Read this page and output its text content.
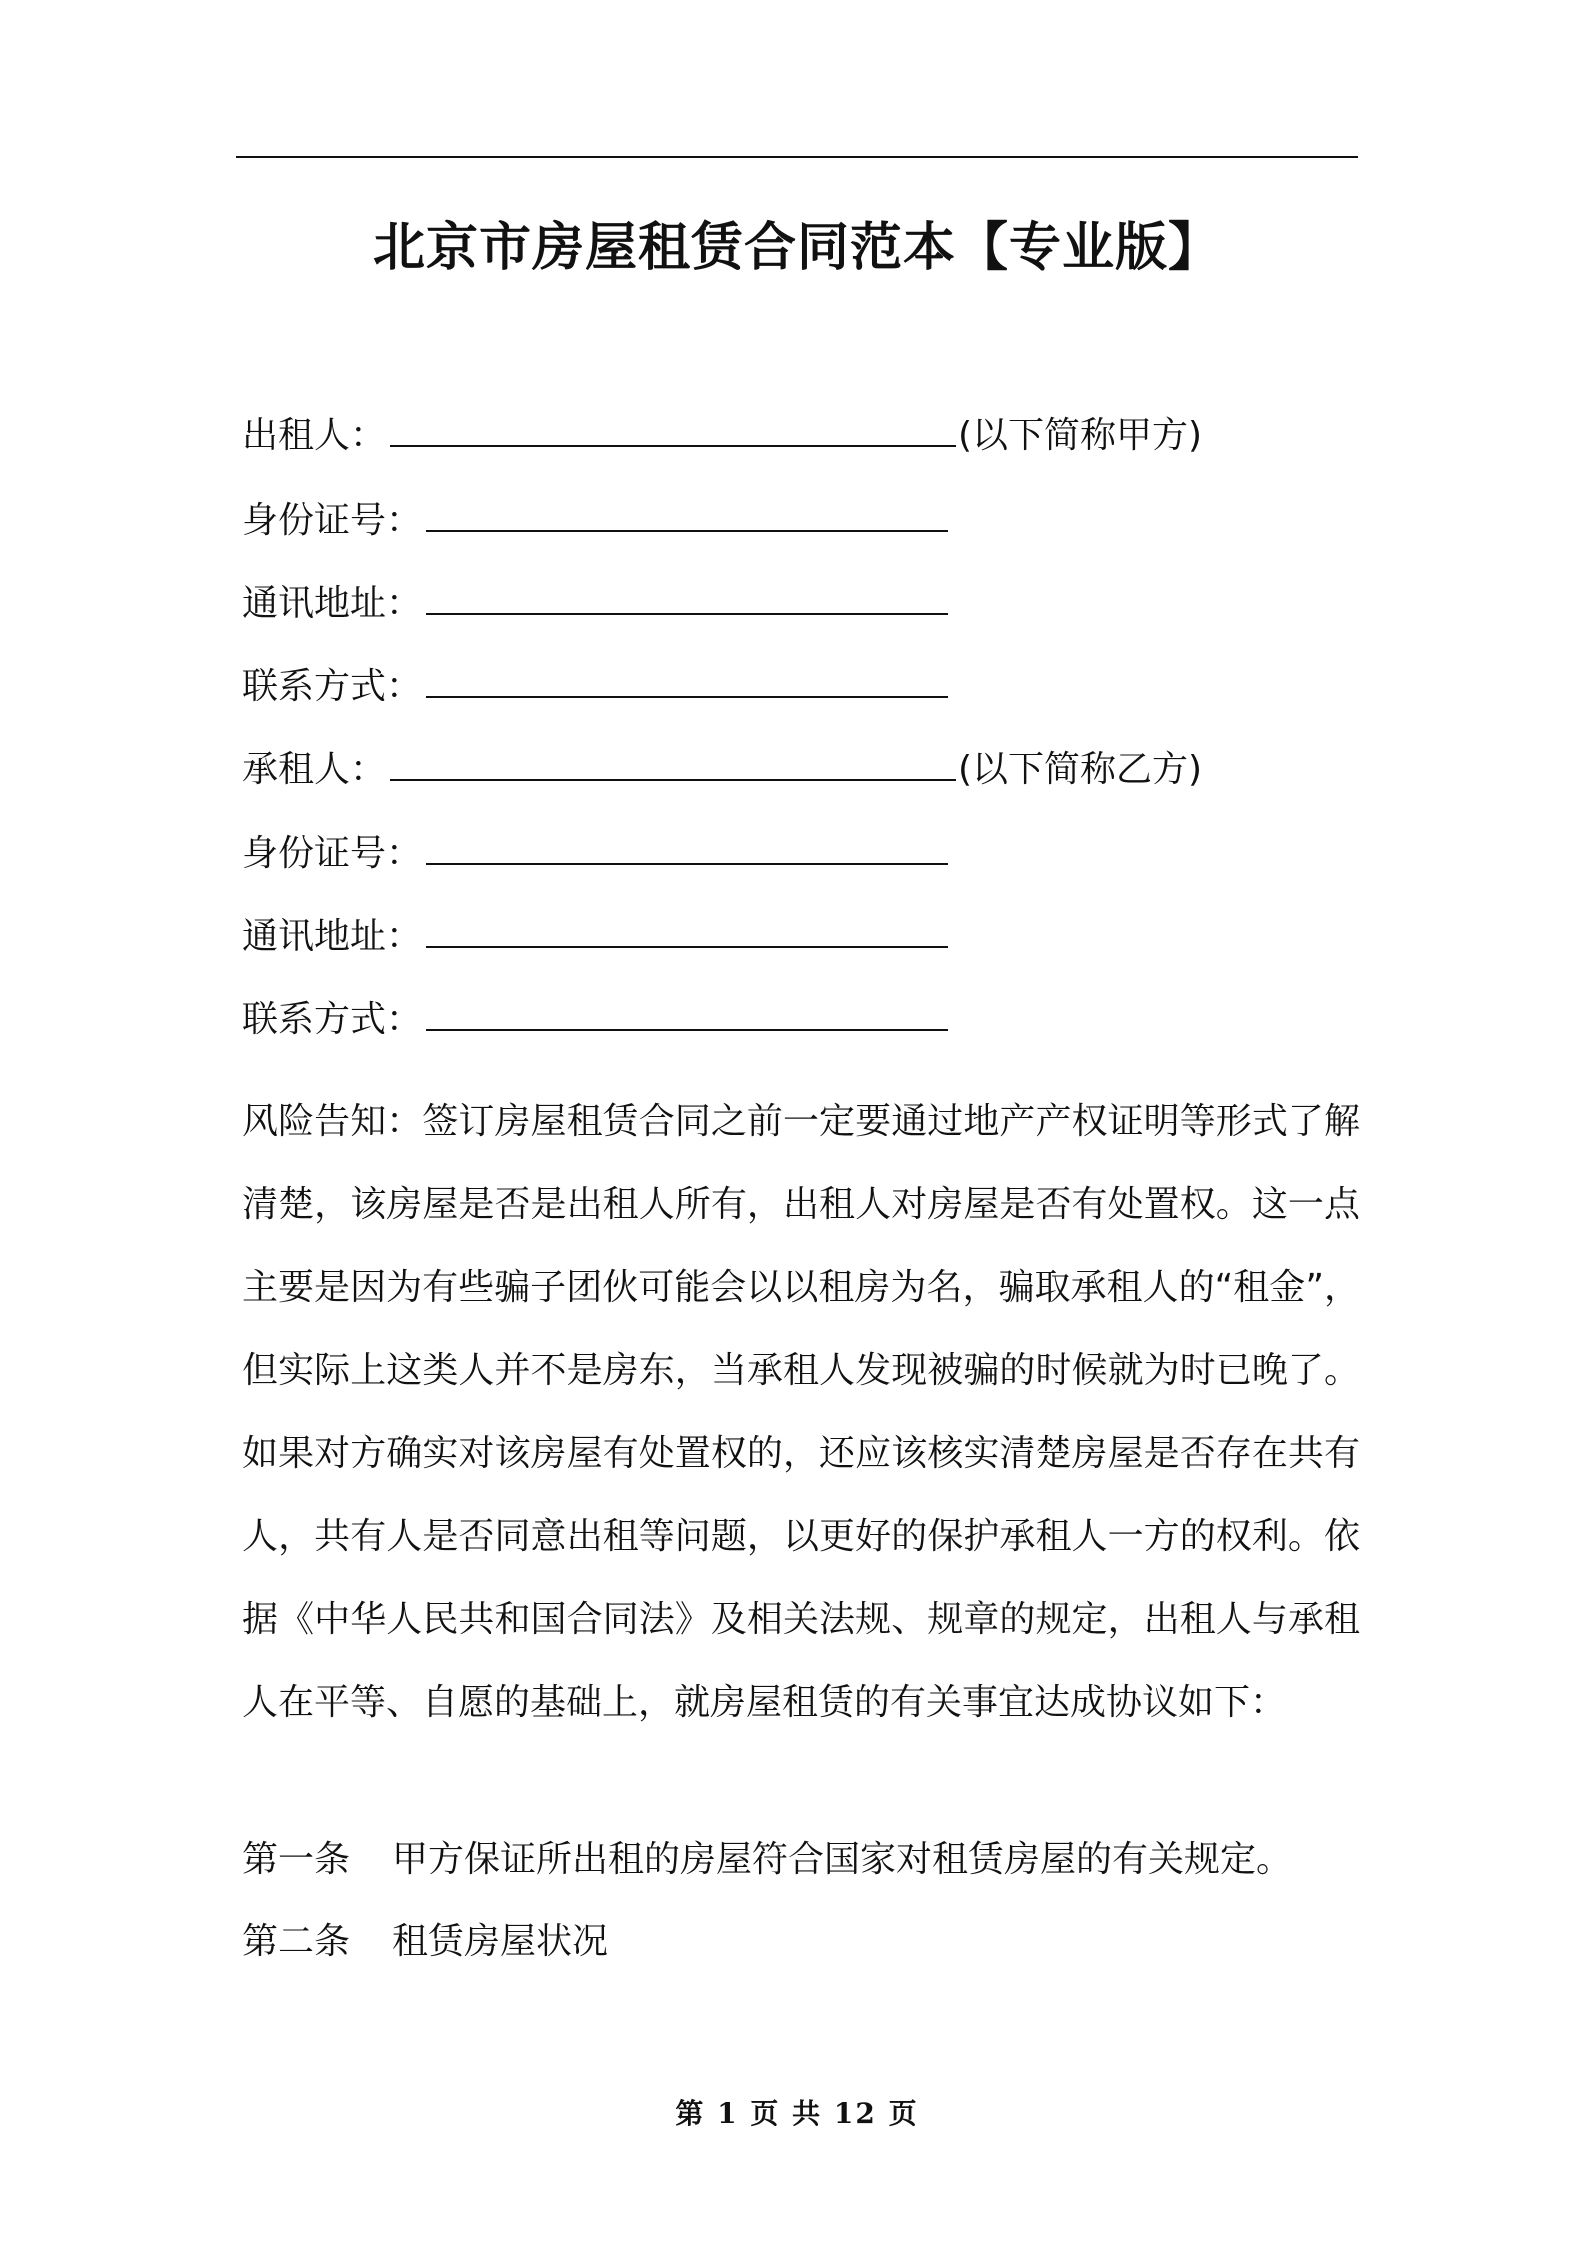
北京市房屋租赁合同范本【专业版】
出租人：	(以下简称甲方)
身份证号：
通讯地址：
联系方式：
承租人：	(以下简称乙方)
身份证号：
通讯地址：
联系方式：
风险告知：签订房屋租赁合同之前一定要通过地产产权证明等形式了解清楚，该房屋是否是出租人所有，出租人对房屋是否有处置权。这一点主要是因为有些骗子团伙可能会以以租房为名，骗取承租人的“租金”，但实际上这类人并不是房东，当承租人发现被骗的时候就为时已晚了。如果对方确实对该房屋有处置权的，还应该核实清楚房屋是否存在共有人，共有人是否同意出租等问题，以更好的保护承租人一方的权利。依据《中华人民共和国合同法》及相关法规、规章的规定，出租人与承租人在平等、自愿的基础上，就房屋租赁的有关事宜达成协议如下：
第一条 甲方保证所出租的房屋符合国家对租赁房屋的有关规定。
第二条 租赁房屋状况
第 1 页 共 12 页
